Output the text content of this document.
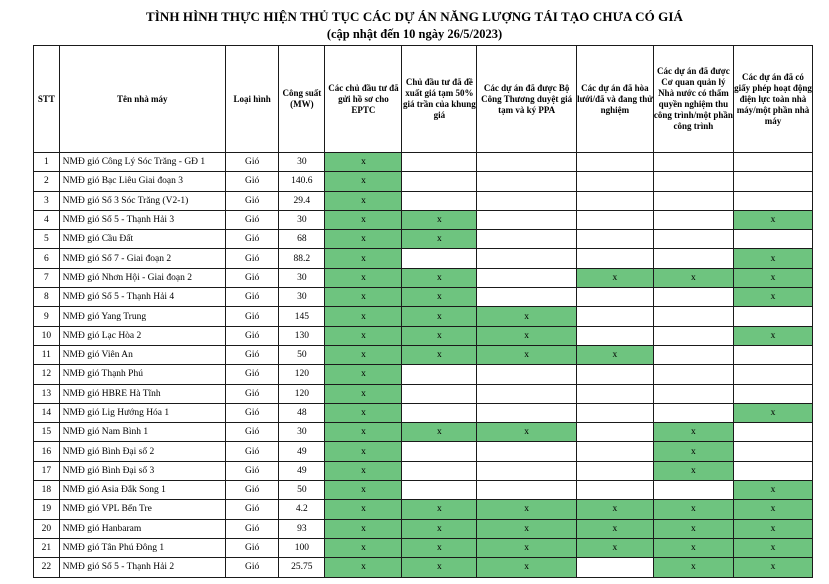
TÌNH HÌNH THỰC HIỆN THỦ TỤC CÁC DỰ ÁN NĂNG LƯỢNG TÁI TẠO CHƯA CÓ GIÁ
(cập nhật đến 10 ngày 26/5/2023)
STT	Tên nhà máy	Loại hình	Công suất (MW)	Các chủ đầu tư đã gửi hồ sơ cho EPTC	Chủ đầu tư đã đề xuất giá tạm 50% giá trần của khung giá	Các dự án đã được Bộ Công Thương duyệt giá tạm và ký PPA	Các dự án đã hòa lưới/đã và đang thử nghiệm	Các dự án đã được Cơ quan quản lý Nhà nước có thẩm quyền nghiệm thu công trình/một phần công trình	Các dự án đã có giấy phép hoạt động điện lực toàn nhà máy/một phần nhà máy
1	NMĐ gió Công Lý Sóc Trăng - GĐ 1	Gió	30	x					
2	NMĐ gió Bạc Liêu Giai đoạn 3	Gió	140.6	x					
3	NMĐ gió Số 3 Sóc Trăng (V2-1)	Gió	29.4	x					
4	NMĐ gió Số 5 - Thạnh Hải 3	Gió	30	x	x				x
5	NMĐ gió Cầu Đất	Gió	68	x	x				
6	NMĐ gió Số 7 - Giai đoạn 2	Gió	88.2	x					x
7	NMĐ gió Nhơn Hội - Giai đoạn 2	Gió	30	x	x		x	x	x
8	NMĐ gió Số 5 - Thạnh Hải 4	Gió	30	x	x				x
9	NMĐ gió Yang Trung	Gió	145	x	x	x			
10	NMĐ gió Lạc Hòa 2	Gió	130	x	x	x			x
11	NMĐ gió Viên An	Gió	50	x	x	x	x		
12	NMĐ gió Thạnh Phú	Gió	120	x					
13	NMĐ gió HBRE Hà Tĩnh	Gió	120	x					
14	NMĐ gió Lig Hướng Hóa 1	Gió	48	x					x
15	NMĐ gió Nam Bình 1	Gió	30	x	x	x		x	
16	NMĐ gió Bình Đại số 2	Gió	49	x				x	
17	NMĐ gió Bình Đại số 3	Gió	49	x				x	
18	NMĐ gió Asia Đắk Song 1	Gió	50	x					x
19	NMĐ gió VPL Bến Tre	Gió	4.2	x	x	x	x	x	x
20	NMĐ gió Hanbaram	Gió	93	x	x	x	x	x	x
21	NMĐ gió Tân Phú Đông 1	Gió	100	x	x	x	x	x	x
22	NMĐ gió Số 5 - Thạnh Hải 2	Gió	25.75	x	x	x		x	x
